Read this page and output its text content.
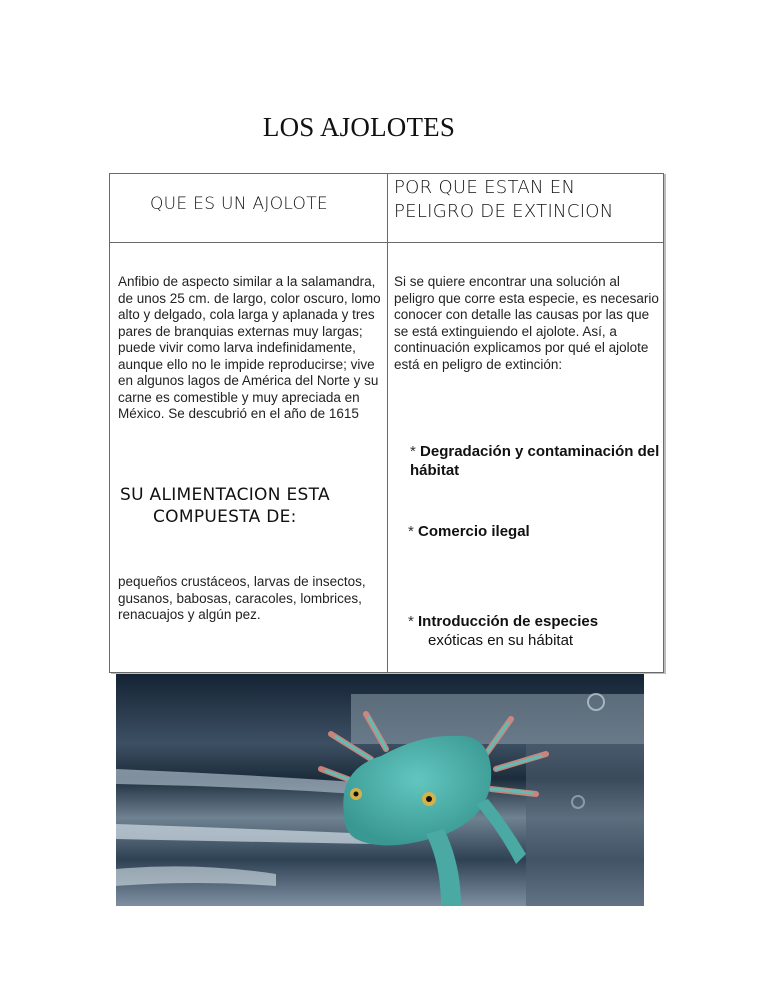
LOS AJOLOTES
QUE ES UN AJOLOTE
POR QUE ESTAN EN
PELIGRO DE EXTINCION
Anfibio de aspecto similar a la salamandra, de unos 25 cm. de largo, color oscuro, lomo alto y delgado, cola larga y aplanada y tres pares de branquias externas muy largas; puede vivir como larva indefinidamente, aunque ello no le impide reproducirse; vive en algunos lagos de América del Norte y su carne es comestible y muy apreciada en México. Se descubrió en el año de 1615
SU ALIMENTACION ESTA
COMPUESTA DE:
pequeños crustáceos, larvas de insectos, gusanos, babosas, caracoles, lombrices, renacuajos y algún pez.
Si se quiere encontrar una solución al peligro que corre esta especie, es necesario conocer con detalle las causas por las que se está extinguiendo el ajolote. Así, a continuación explicamos por qué el ajolote está en peligro de extinción:
* Degradación y contaminación del hábitat
* Comercio ilegal
* Introducción de especies
exóticas en su hábitat
